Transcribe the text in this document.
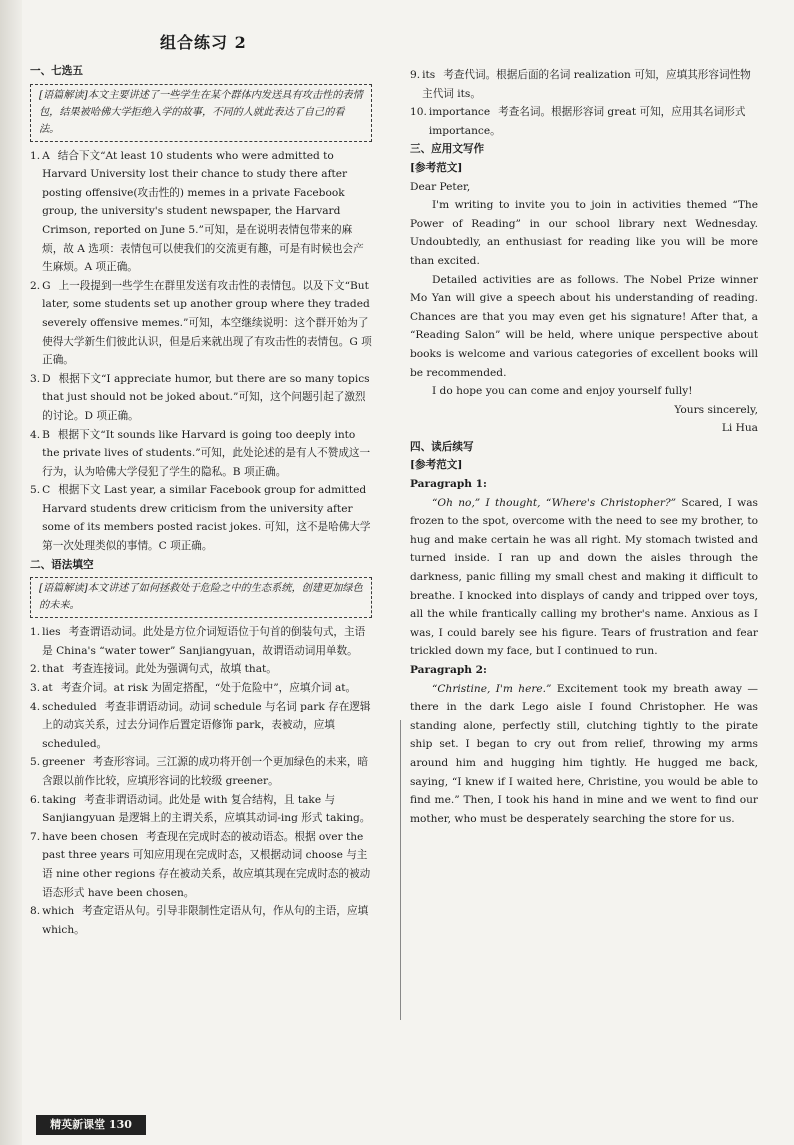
组合练习 2

一、七选五

[语篇解读]本文主要讲述了一些学生在某个群体内发送具有攻击性的表情包，结果被哈佛大学拒绝入学的故事，不同的人就此表达了自己的看法。
1. A 结合下文“At least 10 students who were admitted to Harvard University lost their chance to study there after posting offensive(攻击性的) memes in a private Facebook group, the university's student newspaper, the Harvard Crimson, reported on June 5.”可知，是在说明表情包带来的麻烦，故 A 选项：表情包可以使我们的交流更有趣，可是有时候也会产生麻烦。A 项正确。
2. G 上一段提到一些学生在群里发送有攻击性的表情包。以及下文“But later, some students set up another group where they traded severely offensive memes.”可知，本空继续说明：这个群开始为了使得大学新生们彼此认识，但是后来就出现了有攻击性的表情包。G 项正确。
3. D 根据下文“I appreciate humor, but there are so many topics that just should not be joked about.”可知，这个问题引起了激烈的讨论。D 项正确。
4. B 根据下文“It sounds like Harvard is going too deeply into the private lives of students.”可知，此处论述的是有人不赞成这一行为，认为哈佛大学侵犯了学生的隐私。B 项正确。
5. C 根据下文 Last year, a similar Facebook group for admitted Harvard students drew criticism from the university after some of its members posted racist jokes. 可知，这不是哈佛大学第一次处理类似的事情。C 项正确。

二、语法填空

[语篇解读]本文讲述了如何拯救处于危险之中的生态系统，创建更加绿色的未来。
1. lies 考查谓语动词。此处是方位介词短语位于句首的倒装句式，主语是 China's “water tower” Sanjiangyuan，故谓语动词用单数。
2. that 考查连接词。此处为强调句式，故填 that。
3. at 考查介词。at risk 为固定搭配，“处于危险中”，应填介词 at。
4. scheduled 考查非谓语动词。动词 schedule 与名词 park 存在逻辑上的动宾关系，过去分词作后置定语修饰 park，表被动，应填 scheduled。
5. greener 考查形容词。三江源的成功将开创一个更加绿色的未来，暗含跟以前作比较，应填形容词的比较级 greener。
6. taking 考查非谓语动词。此处是 with 复合结构，且 take 与 Sanjiangyuan 是逻辑上的主谓关系，应填其动词-ing 形式 taking。
7. have been chosen 考查现在完成时态的被动语态。根据 over the past three years 可知应用现在完成时态，又根据动词 choose 与主语 nine other regions 存在被动关系，故应填其现在完成时态的被动语态形式 have been chosen。
8. which 考查定语从句。引导非限制性定语从句，作从句的主语，应填 which。
9. its 考查代词。根据后面的名词 realization 可知，应填其形容词性物主代词 its。
10. importance 考查名词。根据形容词 great 可知，应用其名词形式 importance。

三、应用文写作

[参考范文]

Dear Peter,

I'm writing to invite you to join in activities themed “The Power of Reading” in our school library next Wednesday. Undoubtedly, an enthusiast for reading like you will be more than excited.

Detailed activities are as follows. The Nobel Prize winner Mo Yan will give a speech about his understanding of reading. Chances are that you may even get his signature! After that, a “Reading Salon” will be held, where unique perspective about books is welcome and various categories of excellent books will be recommended.

I do hope you can come and enjoy yourself fully!

Yours sincerely,

Li Hua

四、读后续写

[参考范文]

Paragraph 1:

“Oh no,” I thought, “Where's Christopher?” Scared, I was frozen to the spot, overcome with the need to see my brother, to hug and make certain he was all right. My stomach twisted and turned inside. I ran up and down the aisles through the darkness, panic filling my small chest and making it difficult to breathe. I knocked into displays of candy and tripped over toys, all the while frantically calling my brother's name. Anxious as I was, I could barely see his figure. Tears of frustration and fear trickled down my face, but I continued to run.

Paragraph 2:

“Christine, I'm here.” Excitement took my breath away — there in the dark Lego aisle I found Christopher. He was standing alone, perfectly still, clutching tightly to the pirate ship set. I began to cry out from relief, throwing my arms around him and hugging him tightly. He hugged me back, saying, “I knew if I waited here, Christine, you would be able to find me.” Then, I took his hand in mine and we went to find our mother, who must be desperately searching the store for us.

精英新课堂 130
